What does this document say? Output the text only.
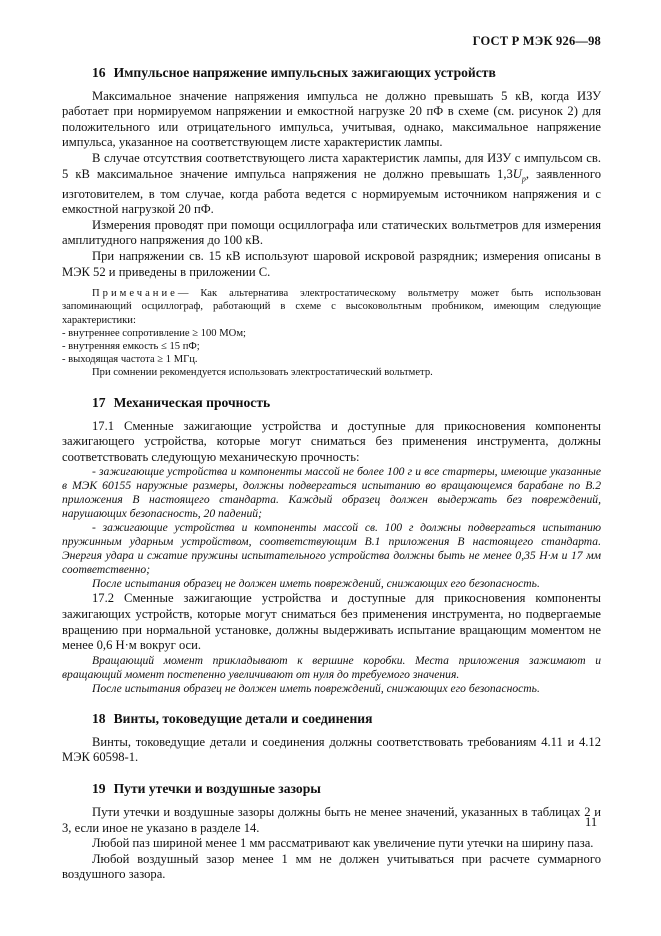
ГОСТ Р МЭК 926—98
16 Импульсное напряжение импульсных зажигающих устройств

Максимальное значение напряжения импульса не должно превышать 5 кВ, когда ИЗУ работает при нормируемом напряжении и емкостной нагрузке 20 пФ в схеме (см. рисунок 2) для положительного или отрицательного импульса, учитывая, однако, максимальное напряжение импульса, указанное на соответствующем листе характеристик лампы.

В случае отсутствия соответствующего листа характеристик лампы, для ИЗУ с импульсом св. 5 кВ максимальное значение импульса напряжения не должно превышать $1,3U_p$, заявленного изготовителем, в том случае, когда работа ведется с нормируемым источником напряжения и с емкостной нагрузкой 20 пФ.

Измерения проводят при помощи осциллографа или статических вольтметров для измерения амплитудного напряжения до 100 кВ.

При напряжении св. 15 кВ используют шаровой искровой разрядник; измерения описаны в МЭК 52 и приведены в приложении С.

Примечание— Как альтернатива электростатическому вольтметру может быть использован запоминающий осциллограф, работающий в схеме с высоковольтным пробником, имеющим следующие характеристики:
- внутреннее сопротивление ≥ 100 МОм;
- внутренняя емкость ≤ 15 пФ;
- выходящая частота ≥ 1 МГц.
При сомнении рекомендуется использовать электростатический вольтметр.
17 Механическая прочность

17.1 Сменные зажигающие устройства и доступные для прикосновения компоненты зажигающего устройства, которые могут сниматься без применения инструмента, должны соответствовать следующую механическую прочность:

- зажигающие устройства и компоненты массой не более 100 г и все стартеры, имеющие указанные в МЭК 60155 наружные размеры, должны подвергаться испытанию во вращающемся барабане по В.2 приложения В настоящего стандарта. Каждый образец должен выдержать без повреждений, нарушающих безопасность, 20 падений;

- зажигающие устройства и компоненты массой св. 100 г должны подвергаться испытанию пружинным ударным устройством, соответствующим В.1 приложения В настоящего стандарта. Энергия удара и сжатие пружины испытательного устройства должны быть не менее 0,35 Н·м и 17 мм соответственно;

После испытания образец не должен иметь повреждений, снижающих его безопасность.

17.2 Сменные зажигающие устройства и доступные для прикосновения компоненты зажигающих устройств, которые могут сниматься без применения инструмента, но подвергаемые вращению при нормальной установке, должны выдерживать испытание вращающим моментом не менее 0,6 Н·м вокруг оси.

Вращающий момент прикладывают к вершине коробки. Места приложения зажимают и вращающий момент постепенно увеличивают от нуля до требуемого значения.

После испытания образец не должен иметь повреждений, снижающих его безопасность.

18 Винты, токоведущие детали и соединения

Винты, токоведущие детали и соединения должны соответствовать требованиям 4.11 и 4.12 МЭК 60598-1.

19 Пути утечки и воздушные зазоры

Пути утечки и воздушные зазоры должны быть не менее значений, указанных в таблицах 2 и 3, если иное не указано в разделе 14.

Любой паз шириной менее 1 мм рассматривают как увеличение пути утечки на ширину паза.

Любой воздушный зазор менее 1 мм не должен учитываться при расчете суммарного воздушного зазора.

11
